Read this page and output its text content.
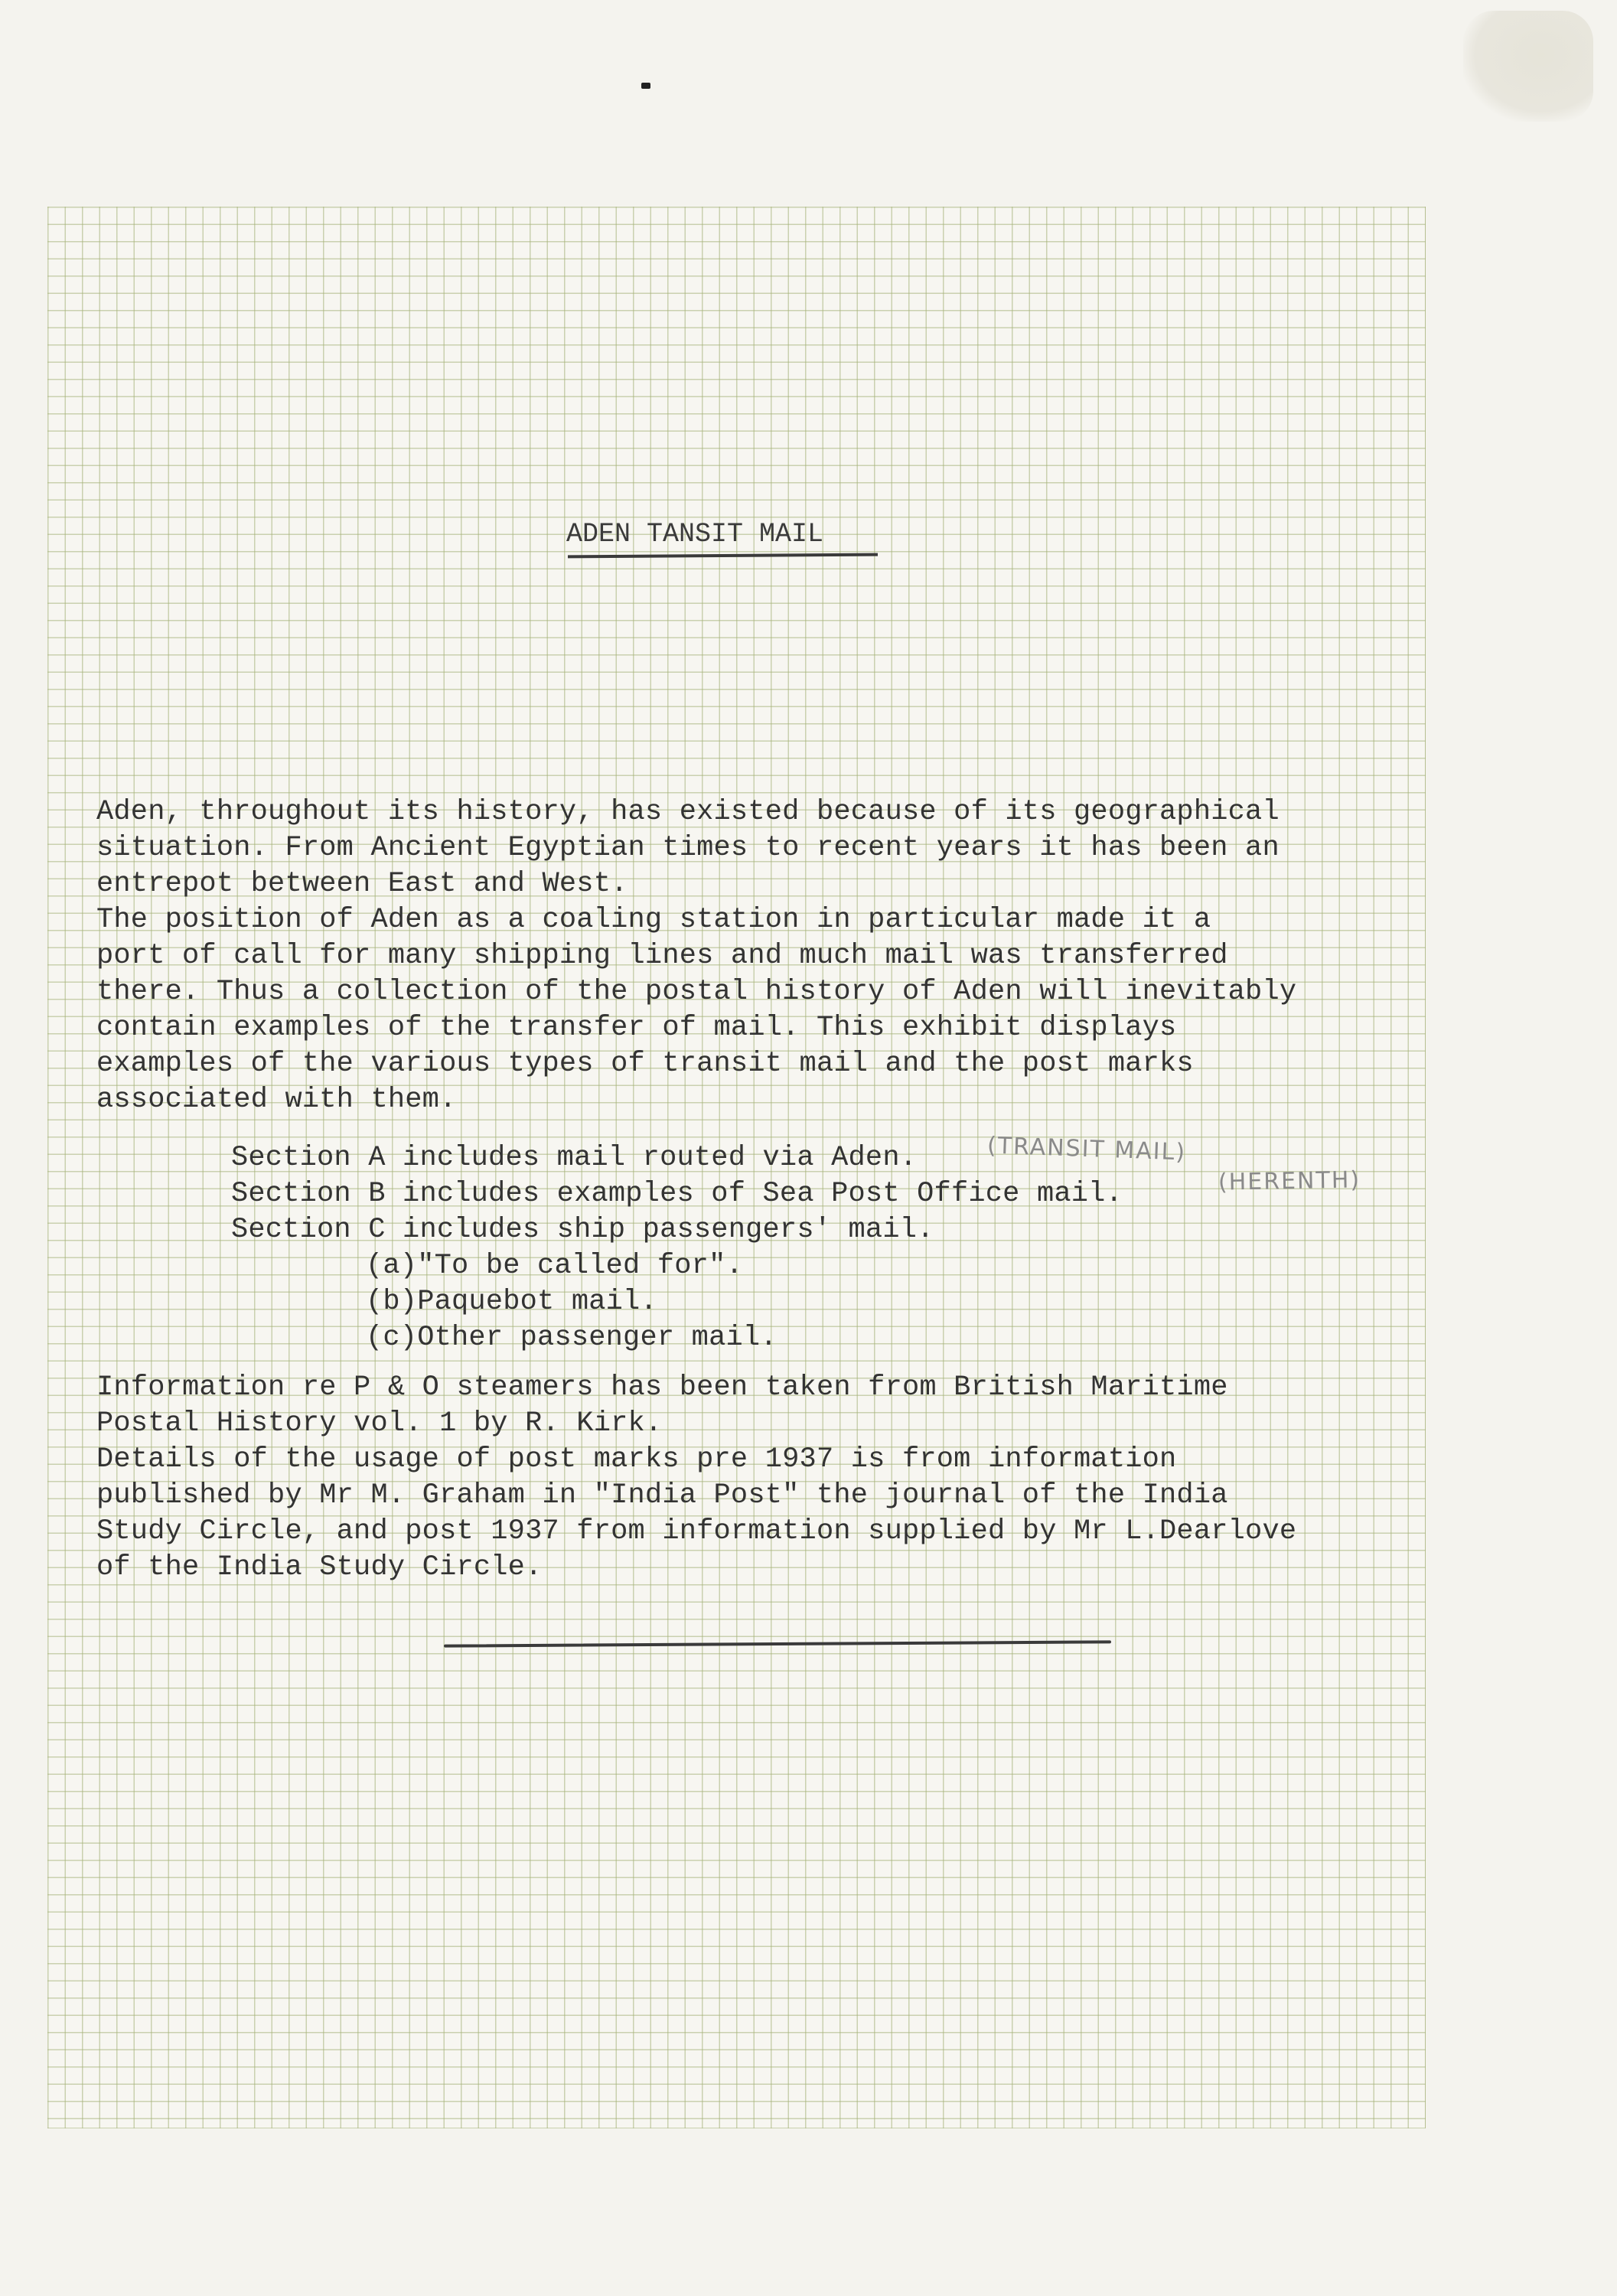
ADEN TANSIT MAIL
Aden, throughout its history, has existed because of its geographical
situation. From Ancient Egyptian times to recent years it has been an
entrepot between East and West.
The position of Aden as a coaling station in particular made it a
port of call for many shipping lines and much mail was transferred
there. Thus a collection of the postal history of Aden will inevitably
contain examples of the transfer of mail. This exhibit displays
examples of the various types of transit mail and the post marks
associated with them.
Section A includes mail routed via Aden.
Section B includes examples of Sea Post Office mail.
Section C includes ship passengers' mail.
(TRANSIT MAIL)
(HERENTH)
(a)"To be called for".
(b)Paquebot mail.
(c)Other passenger mail.
Information re P & O steamers has been taken from British Maritime
Postal History vol. 1 by R. Kirk.
Details of the usage of post marks pre 1937 is from information
published by Mr M. Graham in "India Post" the journal of the India
Study Circle, and post 1937 from information supplied by Mr L.Dearlove
of the India Study Circle.
